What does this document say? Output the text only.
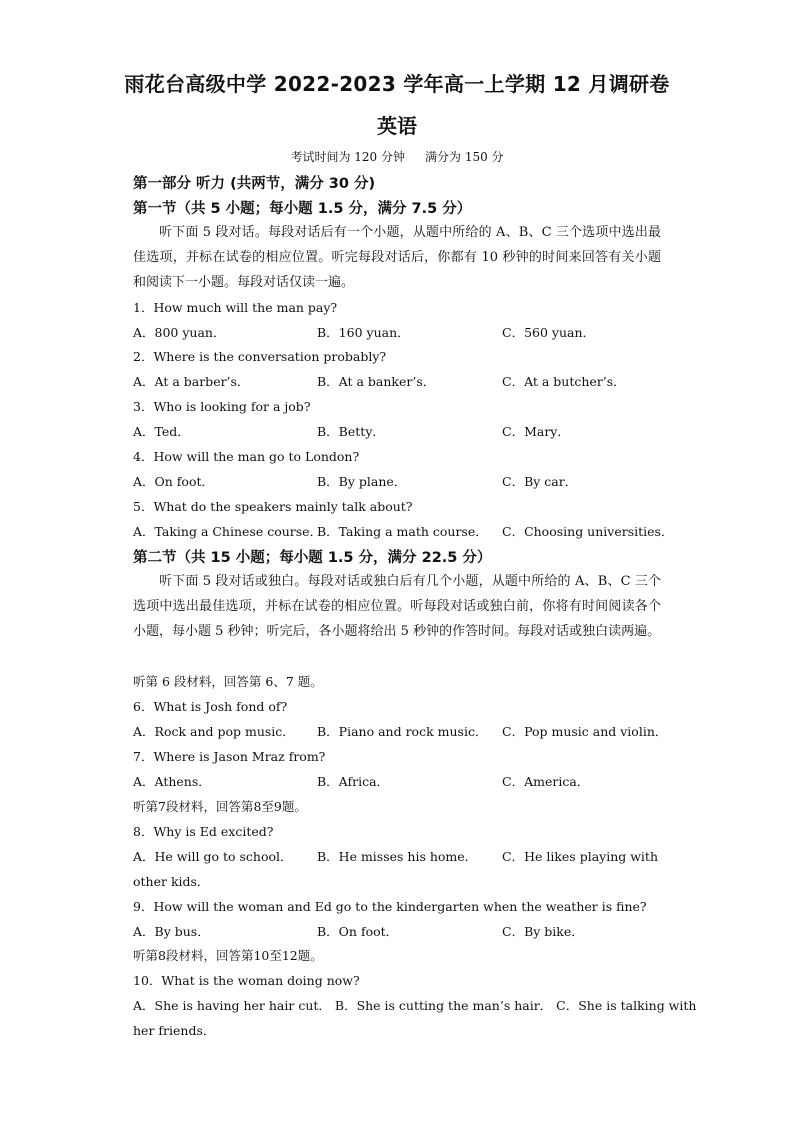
雨花台高级中学 2022-2023 学年高一上学期 12 月调研卷
英语
考试时间为 120 分钟 满分为 150 分
第一部分 听力 (共两节，满分 30 分)
第一节（共 5 小题；每小题 1.5 分，满分 7.5 分）
听下面 5 段对话。每段对话后有一个小题，从题中所给的 A、B、C 三个选项中选出最佳选项，并标在试卷的相应位置。听完每段对话后，你都有 10 秒钟的时间来回答有关小题和阅读下一小题。每段对话仅读一遍。
1．How much will the man pay?
A．800 yuan．	B．160 yuan．	C．560 yuan．
2．Where is the conversation probably?
A．At a barber’s．	B．At a banker’s．	C．At a butcher’s．
3．Who is looking for a job?
A．Ted．	B．Betty．	C．Mary．
4．How will the man go to London?
A．On foot．	B．By plane．	C．By car．
5．What do the speakers mainly talk about?
A．Taking a Chinese course．
B．Taking a math course． C．Choosing universities．
第二节（共 15 小题；每小题 1.5 分，满分 22.5 分）
听下面 5 段对话或独白。每段对话或独白后有几个小题，从题中所给的 A、B、C 三个选项中选出最佳选项，并标在试卷的相应位置。听每段对话或独白前，你将有时间阅读各个小题，每小题 5 秒钟；听完后，各小题将给出 5 秒钟的作答时间。每段对话或独白读两遍。
听第 6 段材料，回答第 6、7 题。
6．What is Josh fond of?
A．Rock and pop music． B．Piano and rock music． C．Pop music and violin．
7．Where is Jason Mraz from?
A．Athens．	B．Africa．	C．America．
听第7段材料，回答第8至9题。
8．Why is Ed excited?
A．He will go to school． B．He misses his home． C．He likes playing with
other kids．
9．How will the woman and Ed go to the kindergarten when the weather is fine?
A．By bus．	B．On foot．	C．By bike．
听第8段材料，回答第10至12题。
10．What is the woman doing now?
A．She is having her hair cut． B．She is cutting the man’s hair． C．She is talking with
her friends．
